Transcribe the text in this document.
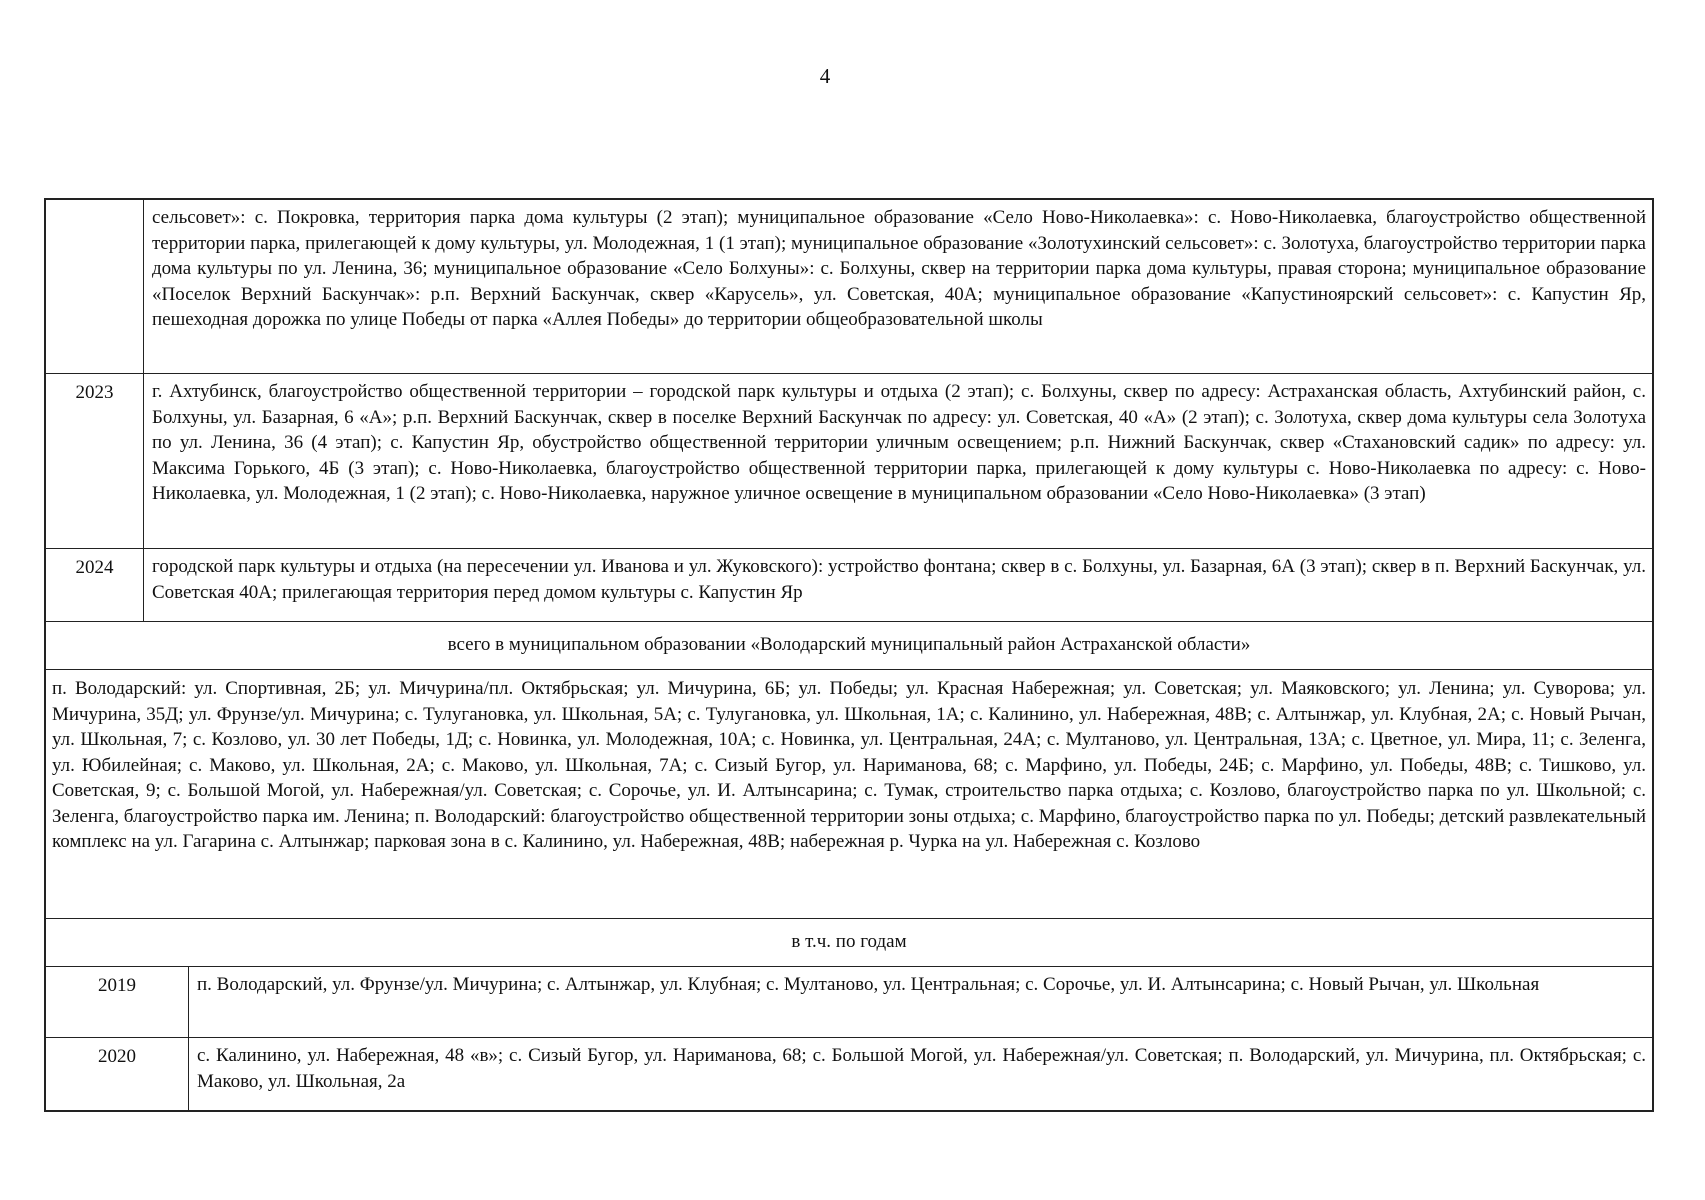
4
сельсовет»: с. Покровка, территория парка дома культуры (2 этап); муниципальное образование «Село Ново-Николаевка»: с. Ново-Николаевка, благоустройство общественной территории парка, прилегающей к дому культуры, ул. Молодежная, 1 (1 этап); муниципальное образование «Золотухинский сельсовет»: с. Золотуха, благоустройство территории парка дома культуры по ул. Ленина, 36; муниципальное образование «Село Болхуны»: с. Болхуны, сквер на территории парка дома культуры, правая сторона; муниципальное образование «Поселок Верхний Баскунчак»: р.п. Верхний Баскунчак, сквер «Карусель», ул. Советская, 40А; муниципальное образование «Капустиноярский сельсовет»: с. Капустин Яр, пешеходная дорожка по улице Победы от парка «Аллея Победы» до территории общеобразовательной школы
2023	г. Ахтубинск, благоустройство общественной территории – городской парк культуры и отдыха (2 этап); с. Болхуны, сквер по адресу: Астраханская область, Ахтубинский район, с. Болхуны, ул. Базарная, 6 «А»; р.п. Верхний Баскунчак, сквер в поселке Верхний Баскунчак по адресу: ул. Советская, 40 «А» (2 этап); с. Золотуха, сквер дома культуры села Золотуха по ул. Ленина, 36 (4 этап); с. Капустин Яр, обустройство общественной территории уличным освещением; р.п. Нижний Баскунчак, сквер «Стахановский садик» по адресу: ул. Максима Горького, 4Б (3 этап); с. Ново-Николаевка, благоустройство общественной территории парка, прилегающей к дому культуры с. Ново-Николаевка по адресу: с. Ново-Николаевка, ул. Молодежная, 1 (2 этап); с. Ново-Николаевка, наружное уличное освещение в муниципальном образовании «Село Ново-Николаевка» (3 этап)
2024	городской парк культуры и отдыха (на пересечении ул. Иванова и ул. Жуковского): устройство фонтана; сквер в с. Болхуны, ул. Базарная, 6А (3 этап); сквер в п. Верхний Баскунчак, ул. Советская 40А; прилегающая территория перед домом культуры с. Капустин Яр
всего в муниципальном образовании «Володарский муниципальный район Астраханской области»
п. Володарский: ул. Спортивная, 2Б; ул. Мичурина/пл. Октябрьская; ул. Мичурина, 6Б; ул. Победы; ул. Красная Набережная; ул. Советская; ул. Маяковского; ул. Ленина; ул. Суворова; ул. Мичурина, 35Д; ул. Фрунзе/ул. Мичурина; с. Тулугановка, ул. Школьная, 5А; с. Тулугановка, ул. Школьная, 1А; с. Калинино, ул. Набережная, 48В; с. Алтынжар, ул. Клубная, 2А; с. Новый Рычан, ул. Школьная, 7; с. Козлово, ул. 30 лет Победы, 1Д; с. Новинка, ул. Молодежная, 10А; с. Новинка, ул. Центральная, 24А; с. Мултаново, ул. Центральная, 13А; с. Цветное, ул. Мира, 11; с. Зеленга, ул. Юбилейная; с. Маково, ул. Школьная, 2А; с. Маково, ул. Школьная, 7А; с. Сизый Бугор, ул. Нариманова, 68; с. Марфино, ул. Победы, 24Б; с. Марфино, ул. Победы, 48В; с. Тишково, ул. Советская, 9; с. Большой Могой, ул. Набережная/ул. Советская; с. Сорочье, ул. И. Алтынсарина; с. Тумак, строительство парка отдыха; с. Козлово, благоустройство парка по ул. Школьной; с. Зеленга, благоустройство парка им. Ленина; п. Володарский: благоустройство общественной территории зоны отдыха; с. Марфино, благоустройство парка по ул. Победы; детский развлекательный комплекс на ул. Гагарина с. Алтынжар; парковая зона в с. Калинино, ул. Набережная, 48В; набережная р. Чурка на ул. Набережная с. Козлово
в т.ч. по годам
2019	п. Володарский, ул. Фрунзе/ул. Мичурина; с. Алтынжар, ул. Клубная; с. Мултаново, ул. Центральная; с. Сорочье, ул. И. Алтынсарина; с. Новый Рычан, ул. Школьная
2020	с. Калинино, ул. Набережная, 48 «в»; с. Сизый Бугор, ул. Нариманова, 68; с. Большой Могой, ул. Набережная/ул. Советская; п. Володарский, ул. Мичурина, пл. Октябрьская; с. Маково, ул. Школьная, 2а
